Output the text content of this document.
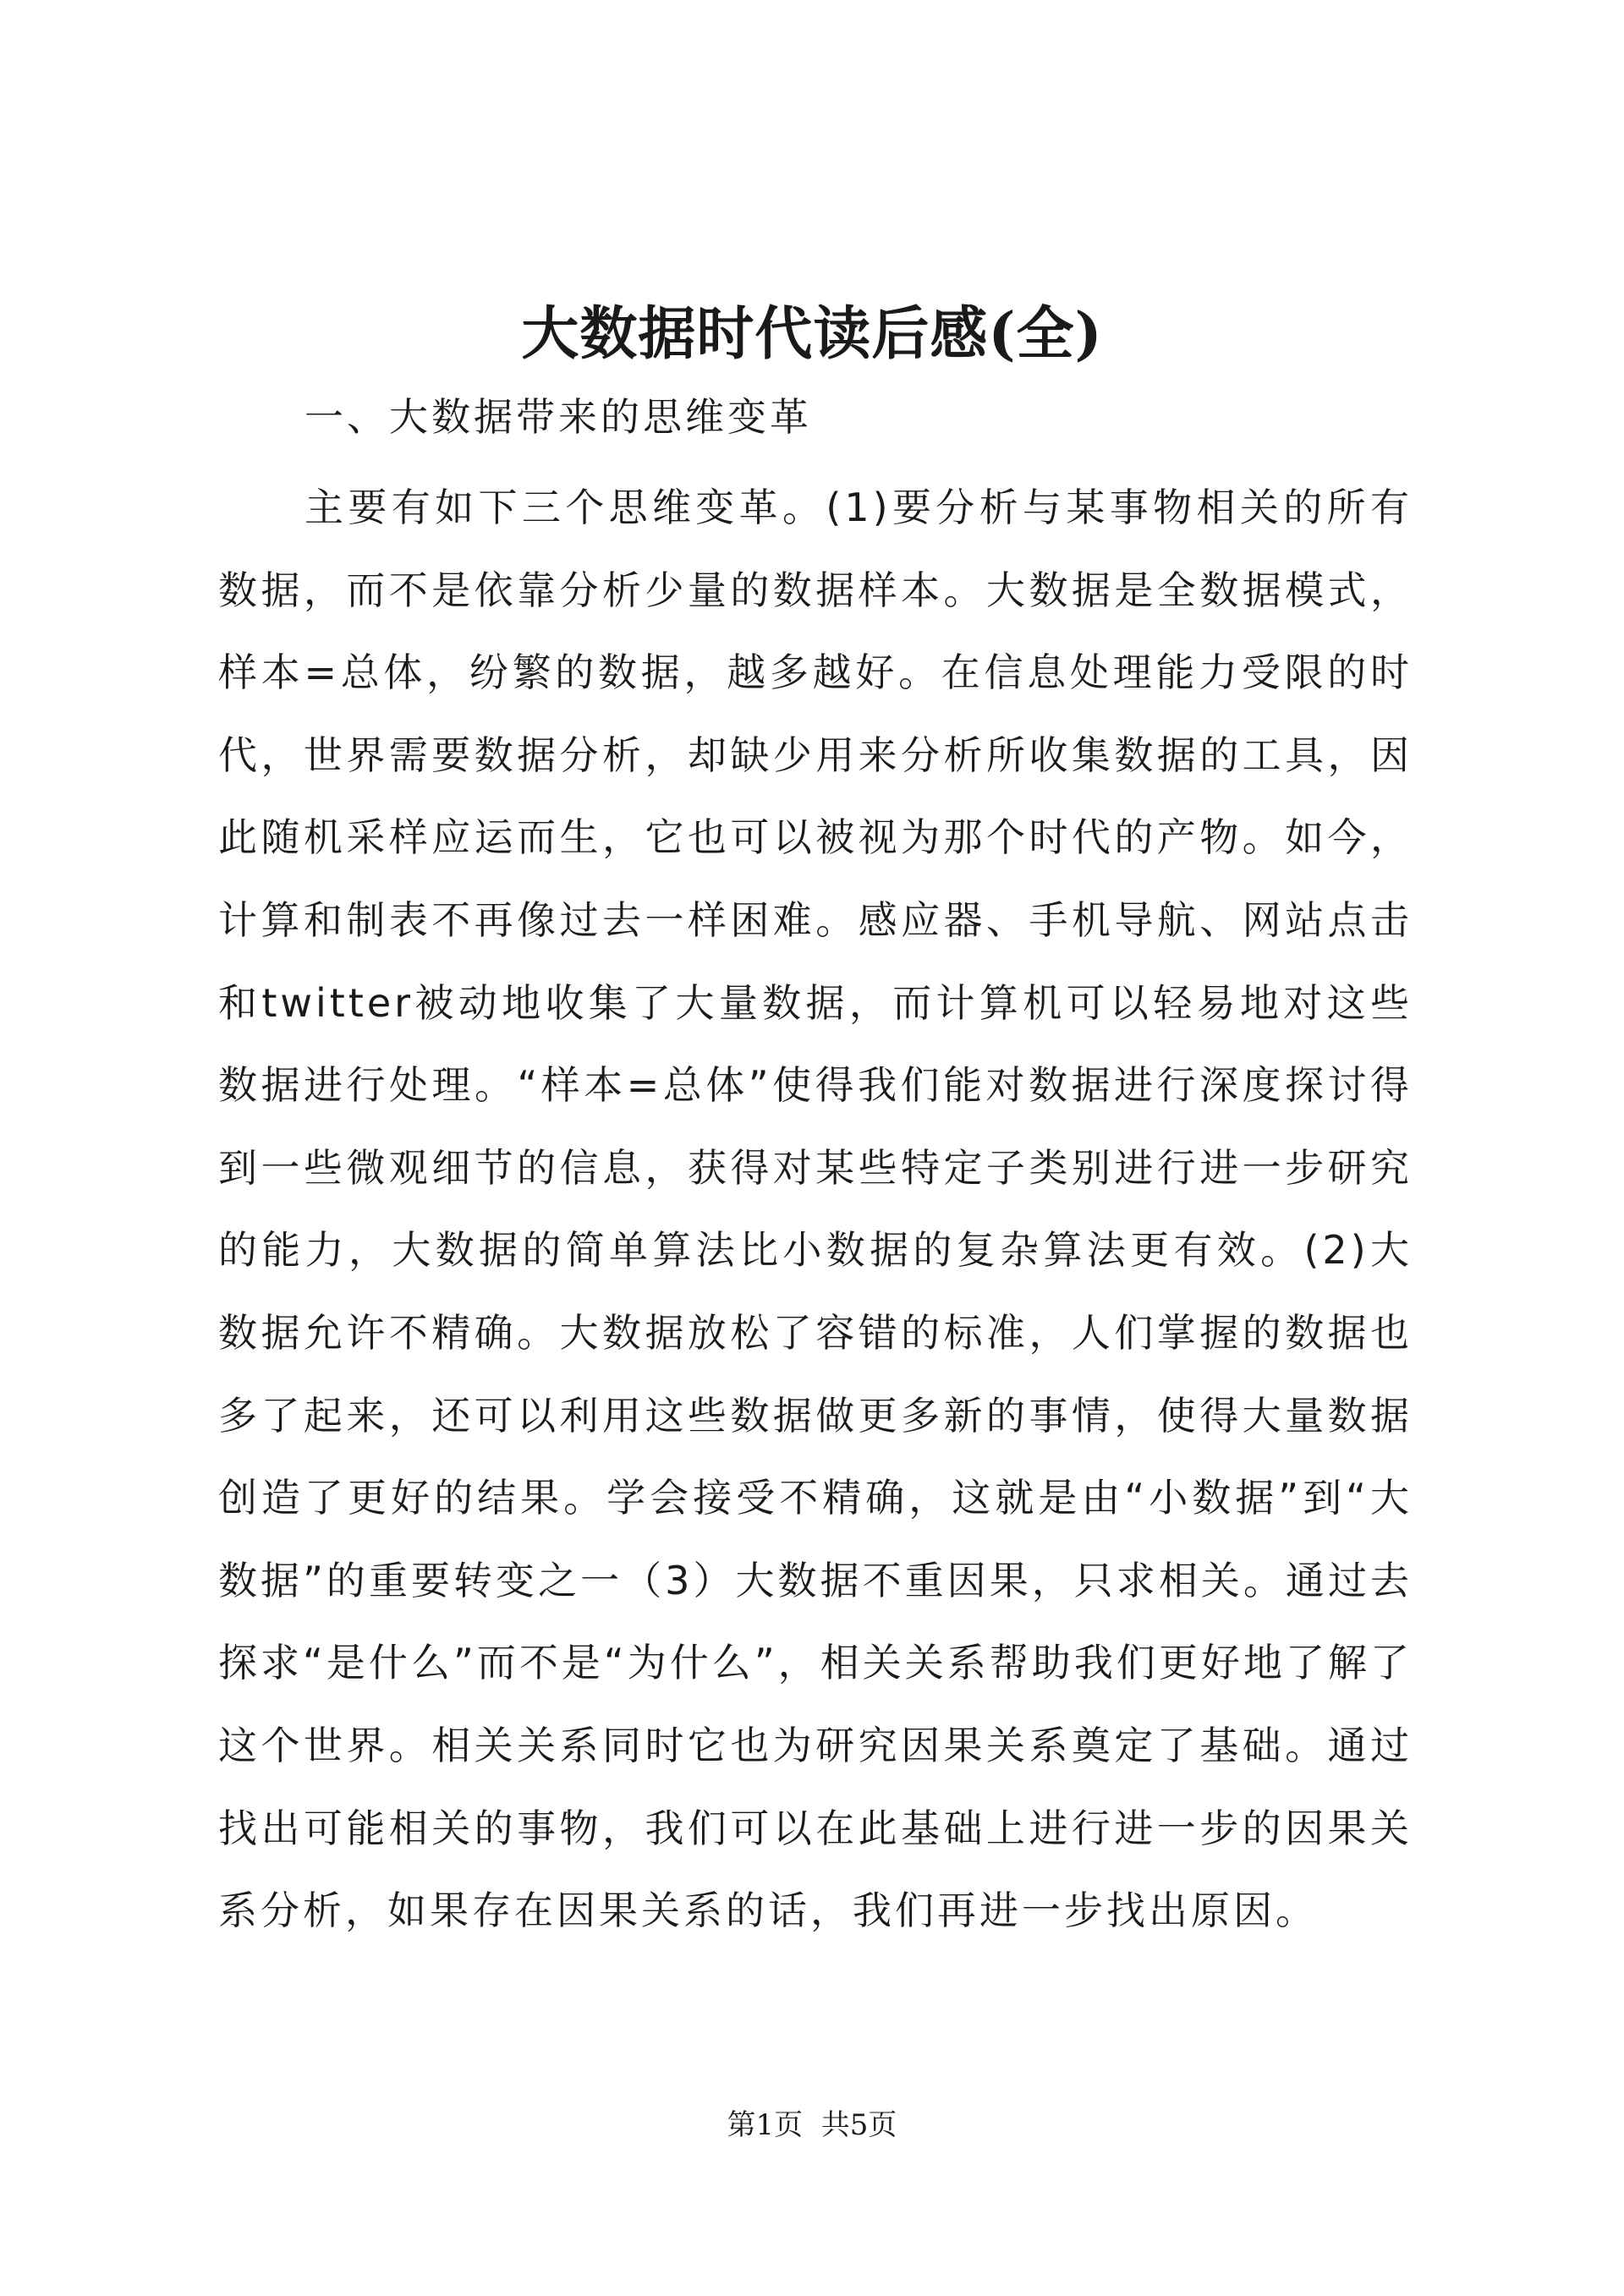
大数据时代读后感(全)
一、大数据带来的思维变革

主要有如下三个思维变革。(1)要分析与某事物相关的所有数据，而不是依靠分析少量的数据样本。大数据是全数据模式，样本=总体，纷繁的数据，越多越好。在信息处理能力受限的时代，世界需要数据分析，却缺少用来分析所收集数据的工具，因此随机采样应运而生，它也可以被视为那个时代的产物。如今，计算和制表不再像过去一样困难。感应器、手机导航、网站点击和twitter被动地收集了大量数据，而计算机可以轻易地对这些数据进行处理。“样本=总体”使得我们能对数据进行深度探讨得到一些微观细节的信息，获得对某些特定子类别进行进一步研究的能力，大数据的简单算法比小数据的复杂算法更有效。(2)大数据允许不精确。大数据放松了容错的标准，人们掌握的数据也多了起来，还可以利用这些数据做更多新的事情，使得大量数据创造了更好的结果。学会接受不精确，这就是由“小数据”到“大数据”的重要转变之一（3）大数据不重因果，只求相关。通过去探求“是什么”而不是“为什么”，相关关系帮助我们更好地了解了这个世界。相关关系同时它也为研究因果关系奠定了基础。通过找出可能相关的事物，我们可以在此基础上进行进一步的因果关系分析，如果存在因果关系的话，我们再进一步找出原因。

第1页  共5页
